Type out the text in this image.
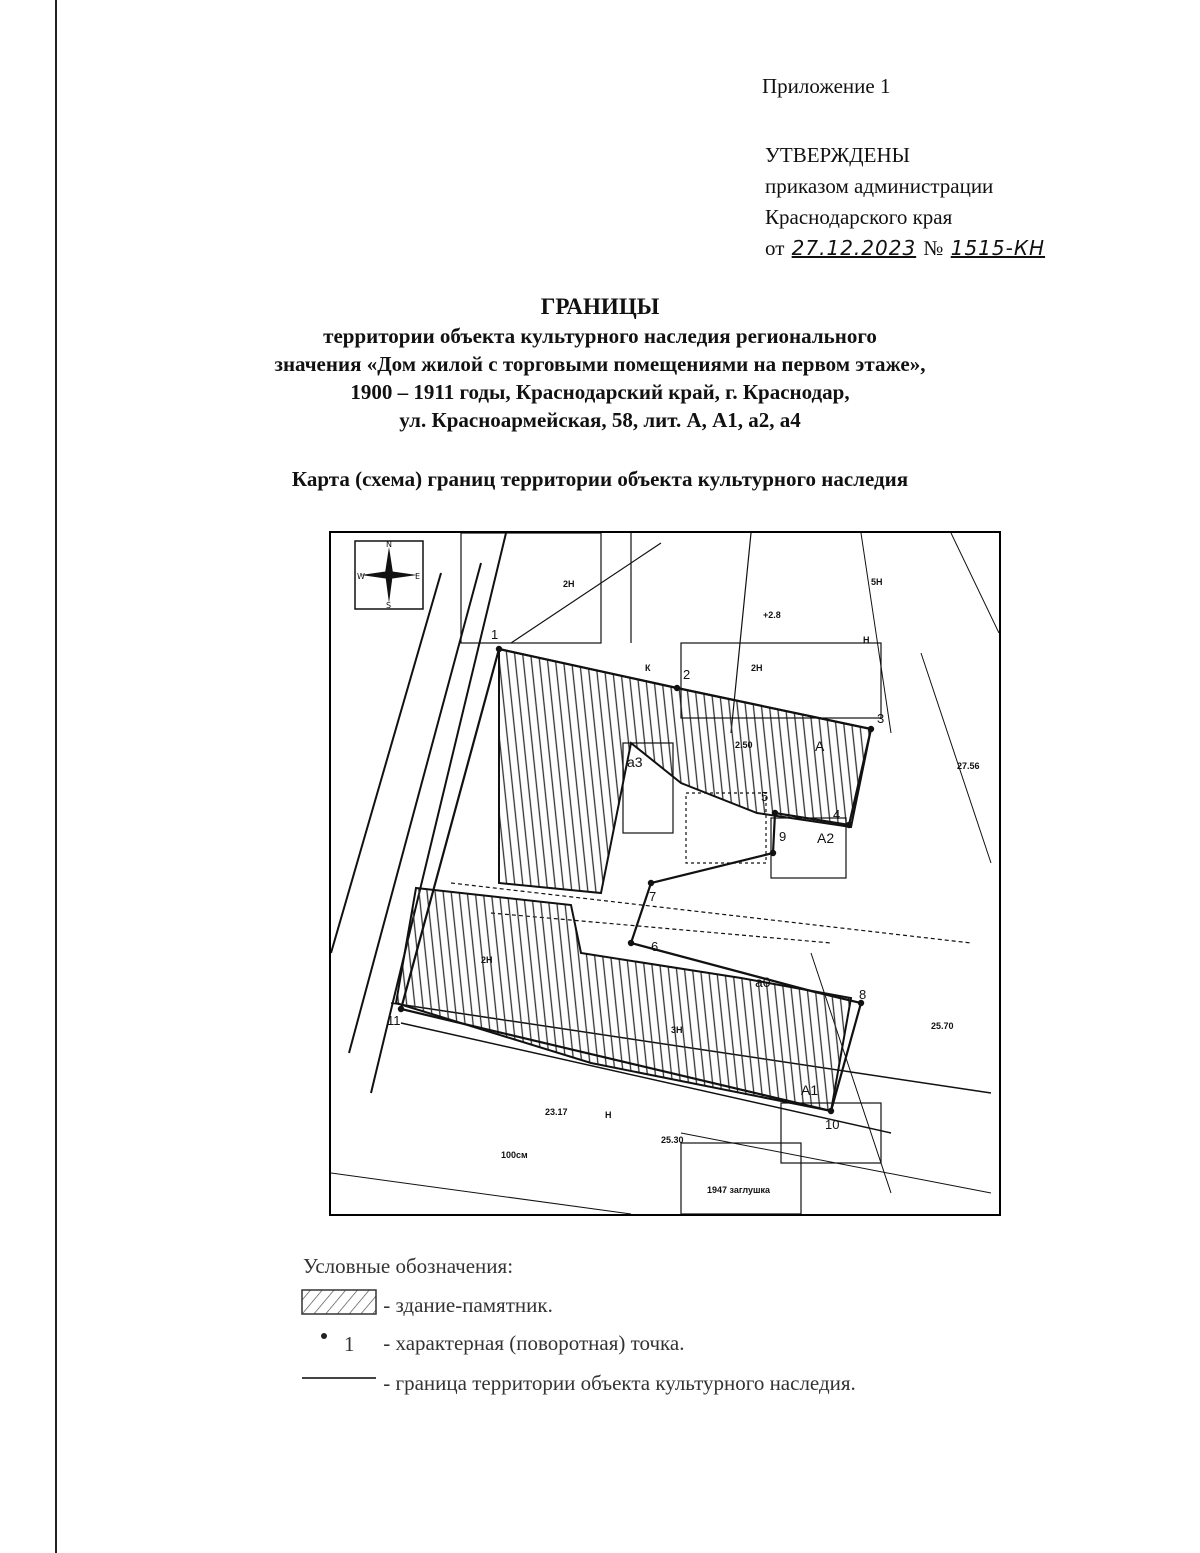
Приложение 1
УТВЕРЖДЕНЫ
приказом администрации
Краснодарского края
от 27.12.2023 № 1515-КН
ГРАНИЦЫ
территории объекта культурного наследия регионального
значения «Дом жилой с торговыми помещениями на первом этаже»,
1900 – 1911 годы, Краснодарский край, г. Краснодар,
ул. Красноармейская, 58, лит. А, А1, а2, а4
Карта (схема) границ территории объекта культурного наследия
N
W	E
S
1
2
3
4
5
6
7
8
9
10
11
А
А1
А2
а3
а0
2Н
2Н
К
Н
2Н
3Н
27.56
+2.8
5Н
2.50
25.70
23.17
25.30
1947 заглушка
100см
Н
Условные обозначения:
- здание-памятник.

1 - характерная (поворотная) точка.
- граница территории объекта культурного наследия.
